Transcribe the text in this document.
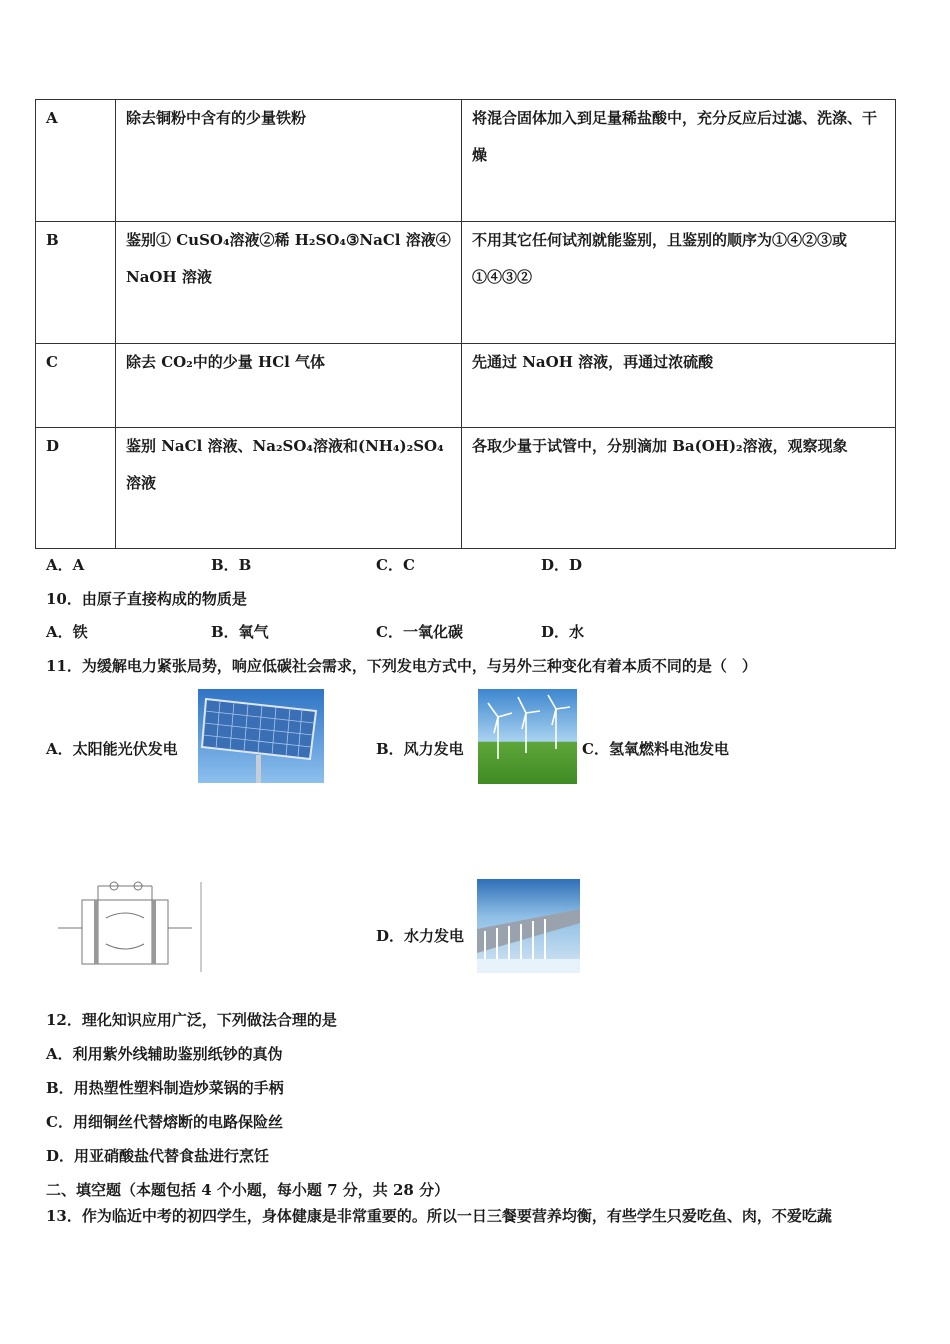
A	除去铜粉中含有的少量铁粉	将混合固体加入到足量稀盐酸中，充分反应后过滤、洗涤、干燥
B	鉴别① CuSO₄溶液②稀 H₂SO₄③NaCl 溶液④ NaOH 溶液	不用其它任何试剂就能鉴别，且鉴别的顺序为①④②③或①④③②
C	除去 CO₂中的少量 HCl 气体	先通过 NaOH 溶液，再通过浓硫酸
D	鉴别 NaCl 溶液、Na₂SO₄溶液和(NH₄)₂SO₄溶液	各取少量于试管中，分别滴加 Ba(OH)₂溶液，观察现象
A．A	B．B	C．C	D．D
10．由原子直接构成的物质是
A．铁	B．氧气	C．一氧化碳	D．水
11．为缓解电力紧张局势，响应低碳社会需求，下列发电方式中，与另外三种变化有着本质不同的是（　）
A．太阳能光伏发电	B．风力发电	C．氢氧燃料电池发电
D．水力发电
12．理化知识应用广泛，下列做法合理的是
A．利用紫外线辅助鉴别纸钞的真伪
B．用热塑性塑料制造炒菜锅的手柄
C．用细铜丝代替熔断的电路保险丝
D．用亚硝酸盐代替食盐进行烹饪
二、填空题（本题包括 4 个小题，每小题 7 分，共 28 分）
13．作为临近中考的初四学生，身体健康是非常重要的。所以一日三餐要营养均衡，有些学生只爱吃鱼、肉，不爱吃蔬
